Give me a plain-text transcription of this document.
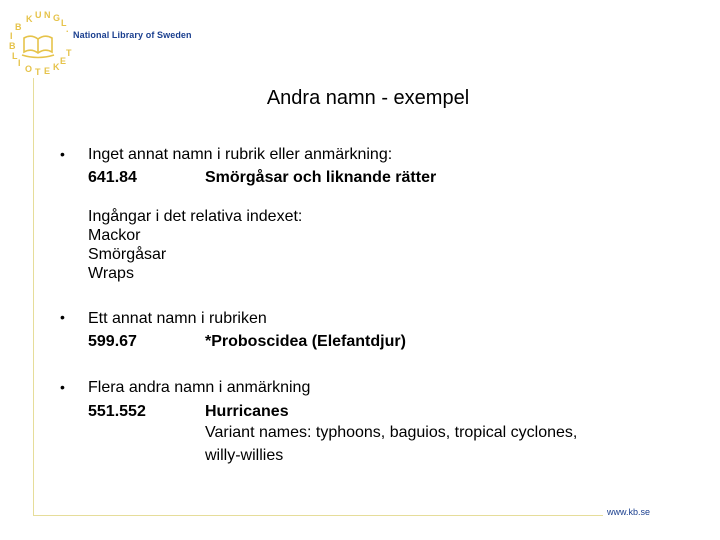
K U N G L
.
B
I
B
L
I
O T E K
E
T
National Library of Sweden
Andra namn - exempel
• Inget annat namn i rubrik eller anmärkning:
641.84	Smörgåsar och liknande rätter
Ingångar i det relativa indexet:
Mackor
Smörgåsar
Wraps
• Ett annat namn i rubriken
599.67	*Proboscidea (Elefantdjur)
• Flera andra namn i anmärkning
551.552	Hurricanes
Variant names: typhoons, baguios, tropical cyclones,
willy-willies
www.kb.se
